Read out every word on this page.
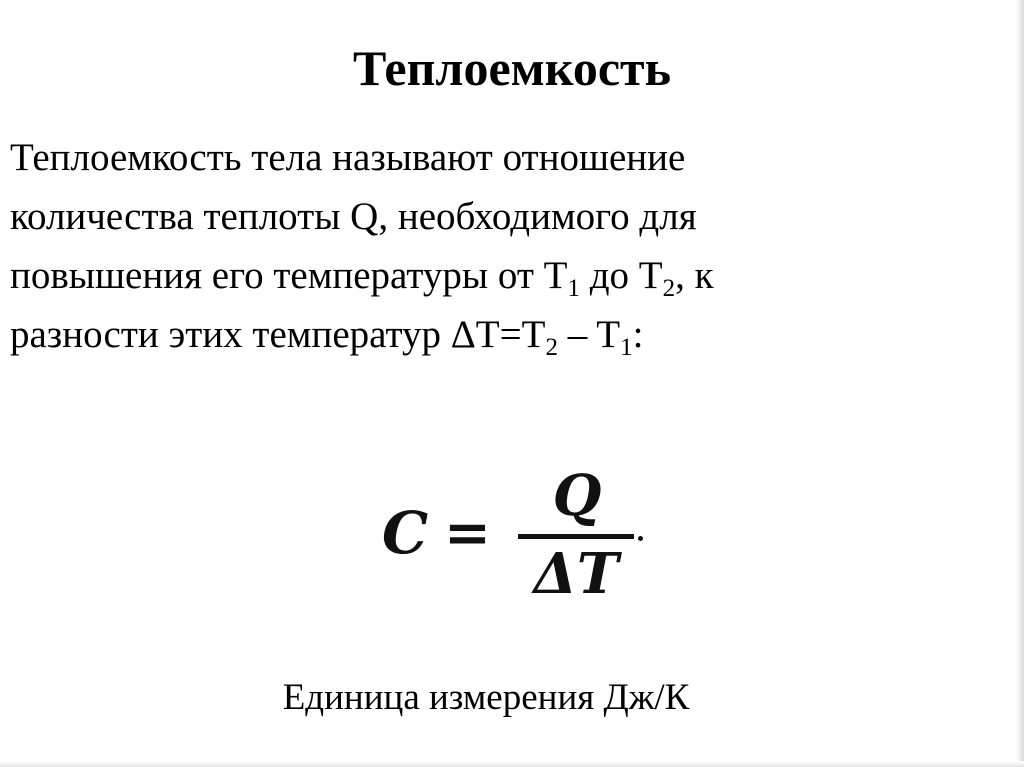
Теплоемкость
Теплоемкость тела называют отношение
количества теплоты Q, необходимого для
повышения его температуры от $T_1$ до $T_2$, к
разности этих температур $\Delta T=T_2 - T_1$:
C =
Q
ΔT
Единица измерения Дж/К
